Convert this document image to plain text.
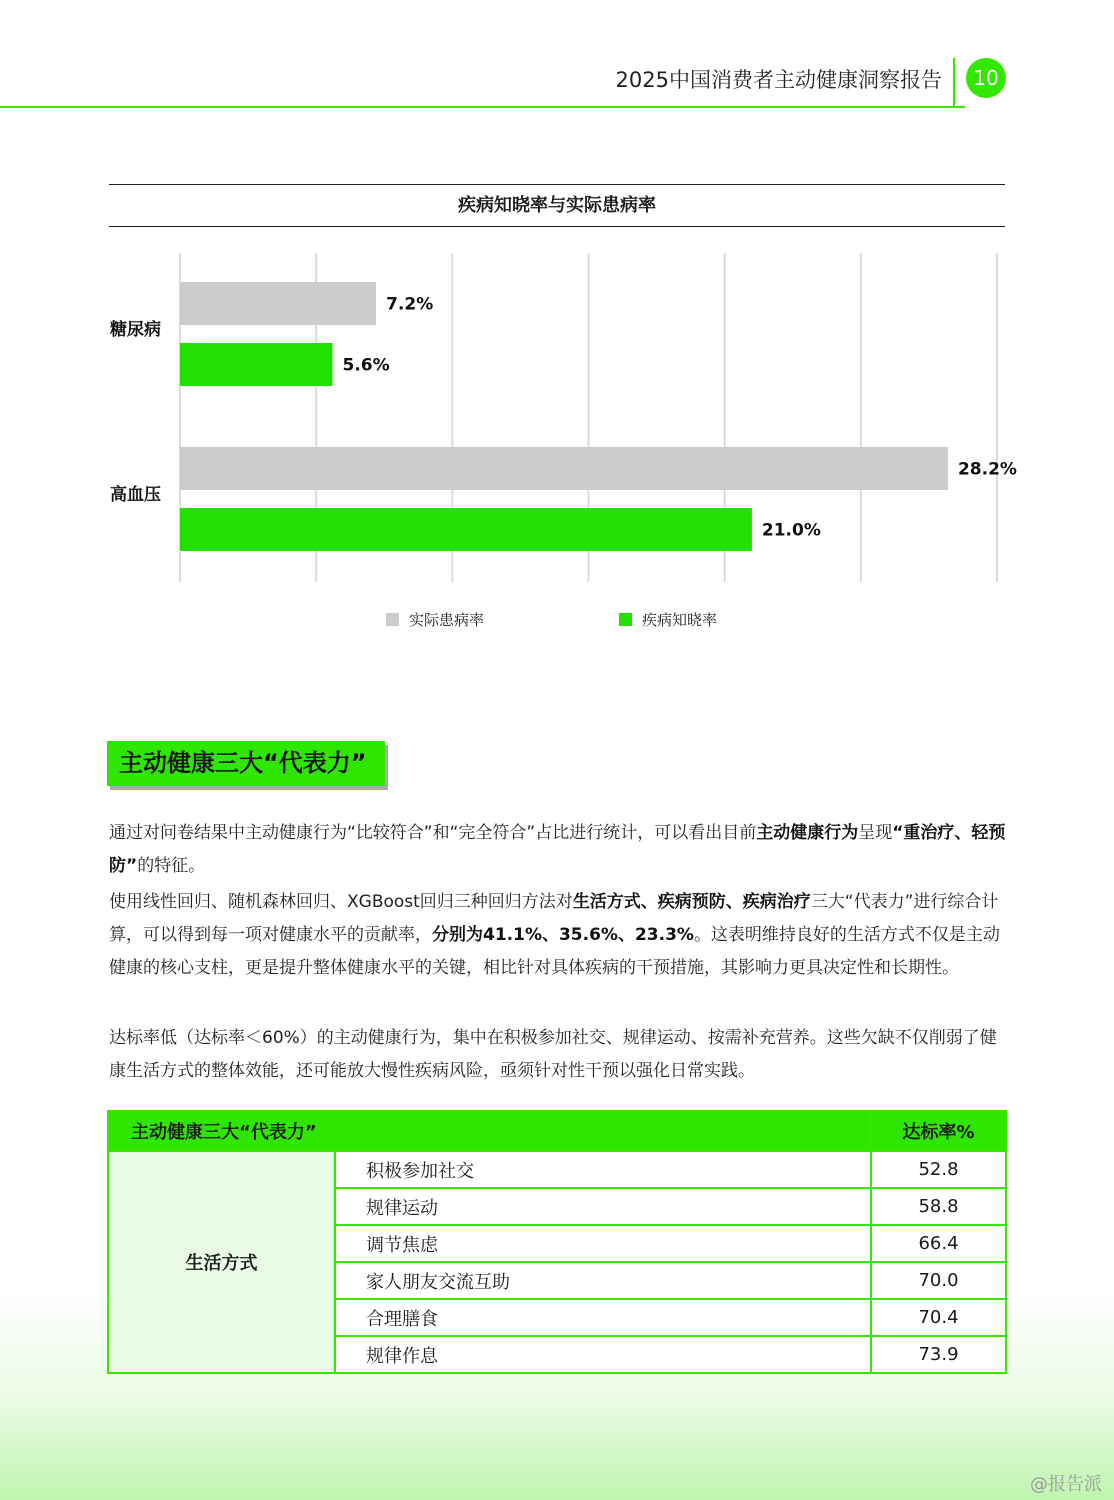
2025中国消费者主动健康洞察报告	10
疾病知晓率与实际患病率
糖尿病
7.2%
5.6%
高血压
28.2%
21.0%
实际患病率	疾病知晓率
主动健康三大“代表力”

通过对问卷结果中主动健康行为“比较符合”和“完全符合”占比进行统计，可以看出目前主动健康行为呈现“重治疗、轻预防”的特征。

使用线性回归、随机森林回归、XGBoost回归三种回归方法对生活方式、疾病预防、疾病治疗三大“代表力”进行综合计算，可以得到每一项对健康水平的贡献率，分别为41.1%、35.6%、23.3%。这表明维持良好的生活方式不仅是主动健康的核心支柱，更是提升整体健康水平的关键，相比针对具体疾病的干预措施，其影响力更具决定性和长期性。

达标率低（达标率＜60%）的主动健康行为，集中在积极参加社交、规律运动、按需补充营养。这些欠缺不仅削弱了健康生活方式的整体效能，还可能放大慢性疾病风险，亟须针对性干预以强化日常实践。

主动健康三大“代表力”		达标率%
生活方式	积极参加社交	52.8
	规律运动	58.8
	调节焦虑	66.4
	家人朋友交流互助	70.0
	合理膳食	70.4
	规律作息	73.9
@报告派
